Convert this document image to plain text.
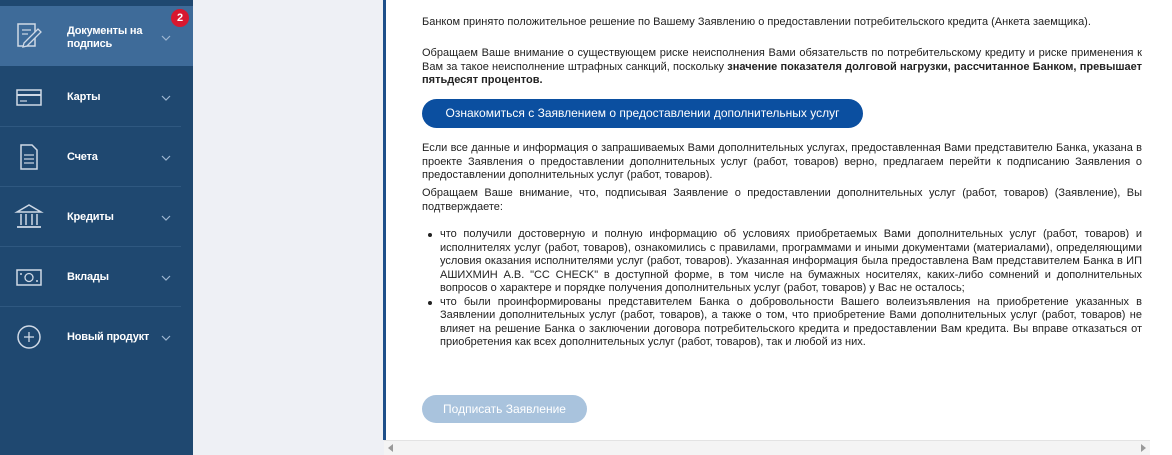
Документы на подпись
2
Карты
Счета
Кредиты
Вклады
Новый продукт
Банком принято положительное решение по Вашему Заявлению о предоставлении потребительского кредита (Анкета заемщика).
Обращаем Ваше внимание о существующем риске неисполнения Вами обязательств по потребительскому кредиту и риске применения к Вам за такое неисполнение штрафных санкций, поскольку значение показателя долговой нагрузки, рассчитанное Банком, превышает пятьдесят процентов.
Если все данные и информация о запрашиваемых Вами дополнительных услугах, предоставленная Вами представителю Банка, указана в проекте Заявления о предоставлении дополнительных услуг (работ, товаров) верно, предлагаем перейти к подписанию Заявления о предоставлении дополнительных услуг (работ, товаров).
Обращаем Ваше внимание, что, подписывая Заявление о предоставлении дополнительных услуг (работ, товаров) (Заявление), Вы подтверждаете:
что получили достоверную и полную информацию об условиях приобретаемых Вами дополнительных услуг (работ, товаров) и исполнителях услуг (работ, товаров), ознакомились с правилами, программами и иными документами (материалами), определяющими условия оказания исполнителями услуг (работ, товаров). Указанная информация была предоставлена Вам представителем Банка в ИП АШИХМИН А.В. "СС CHECK" в доступной форме, в том числе на бумажных носителях, каких-либо сомнений и дополнительных вопросов о характере и порядке получения дополнительных услуг (работ, товаров) у Вас не осталось;
что были проинформированы представителем Банка о добровольности Вашего волеизъявления на приобретение указанных в Заявлении дополнительных услуг (работ, товаров), а также о том, что приобретение Вами дополнительных услуг (работ, товаров) не влияет на решение Банка о заключении договора потребительского кредита и предоставлении Вам кредита. Вы вправе отказаться от приобретения как всех дополнительных услуг (работ, товаров), так и любой из них.
Ознакомиться с Заявлением о предоставлении дополнительных услуг
Подписать Заявление
